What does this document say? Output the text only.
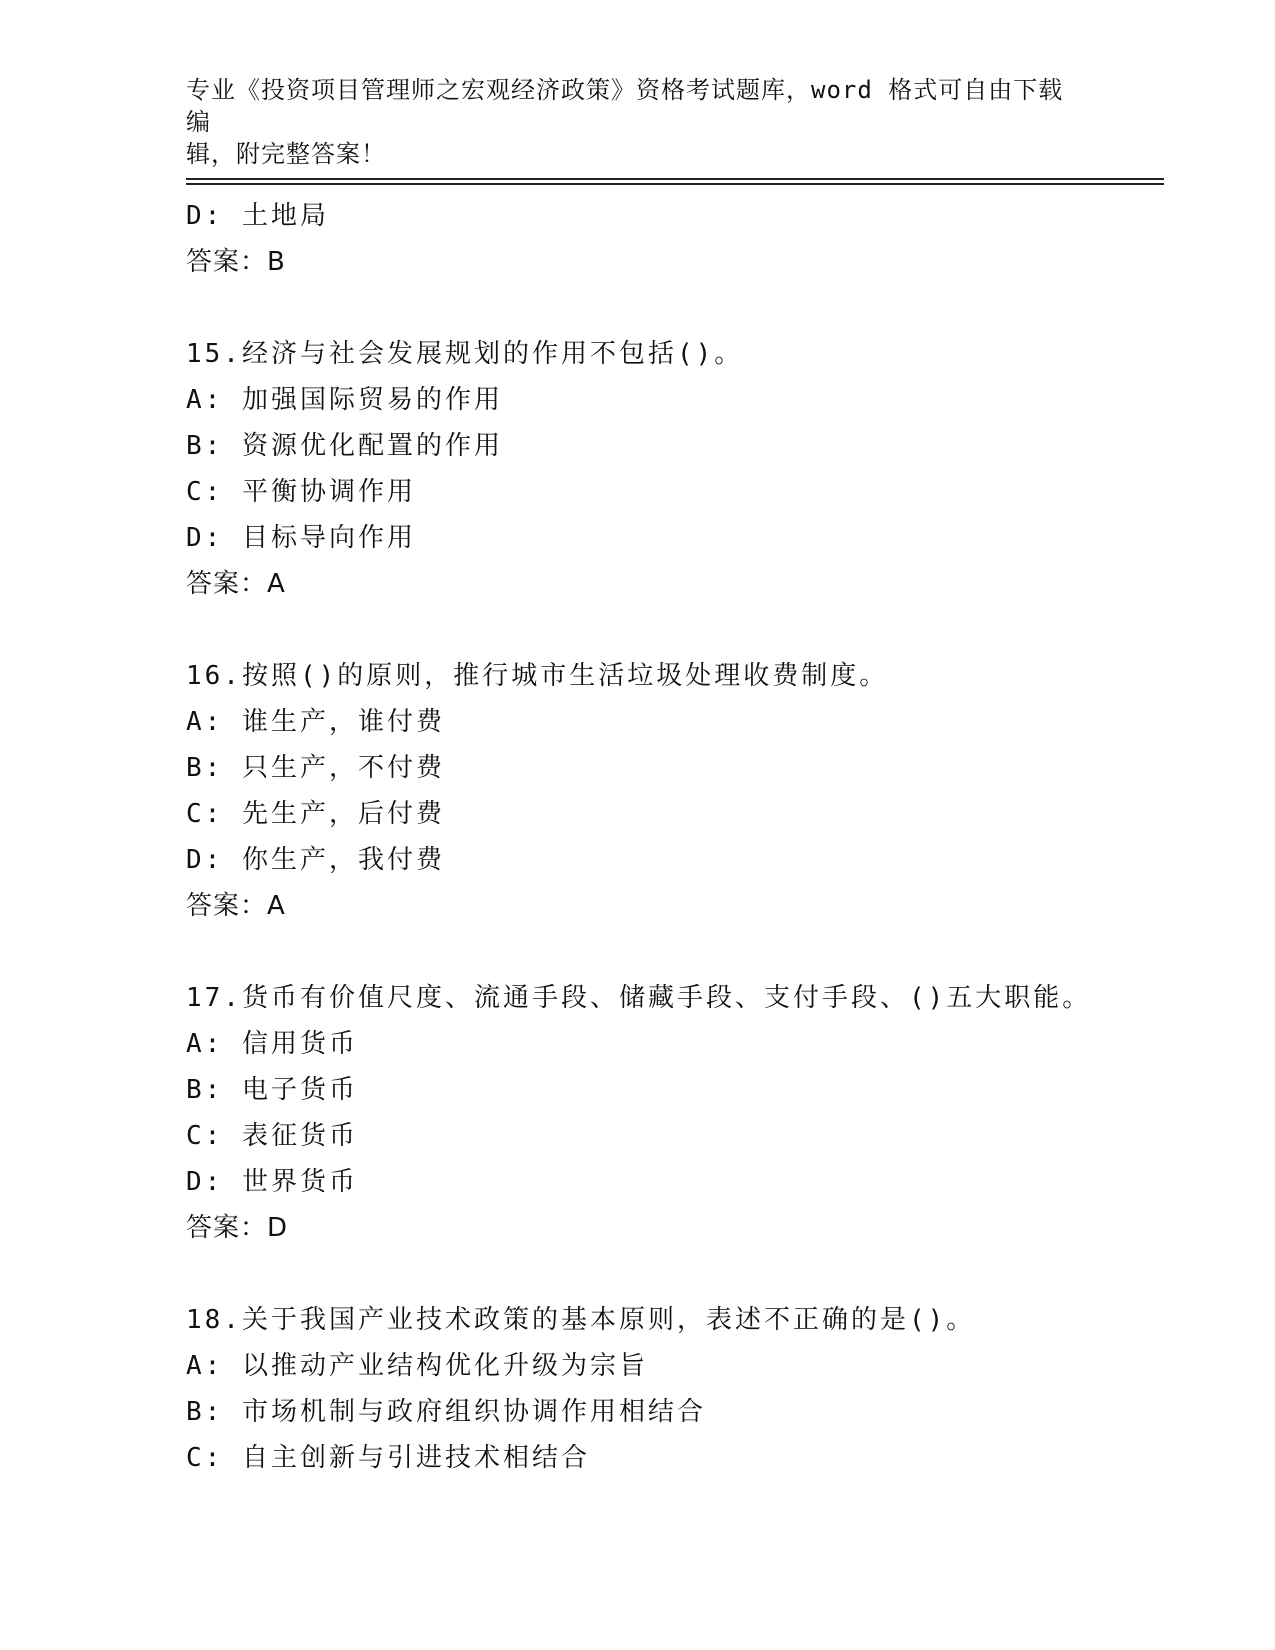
专业《投资项目管理师之宏观经济政策》资格考试题库，word 格式可自由下载编
辑，附完整答案！
D: 土地局
答案：B
15.经济与社会发展规划的作用不包括()。
A: 加强国际贸易的作用
B: 资源优化配置的作用
C: 平衡协调作用
D: 目标导向作用
答案：A
16.按照()的原则，推行城市生活垃圾处理收费制度。
A: 谁生产，谁付费
B: 只生产，不付费
C: 先生产，后付费
D: 你生产，我付费
答案：A
17.货币有价值尺度、流通手段、储藏手段、支付手段、()五大职能。
A: 信用货币
B: 电子货币
C: 表征货币
D: 世界货币
答案：D
18.关于我国产业技术政策的基本原则，表述不正确的是()。
A: 以推动产业结构优化升级为宗旨
B: 市场机制与政府组织协调作用相结合
C: 自主创新与引进技术相结合
